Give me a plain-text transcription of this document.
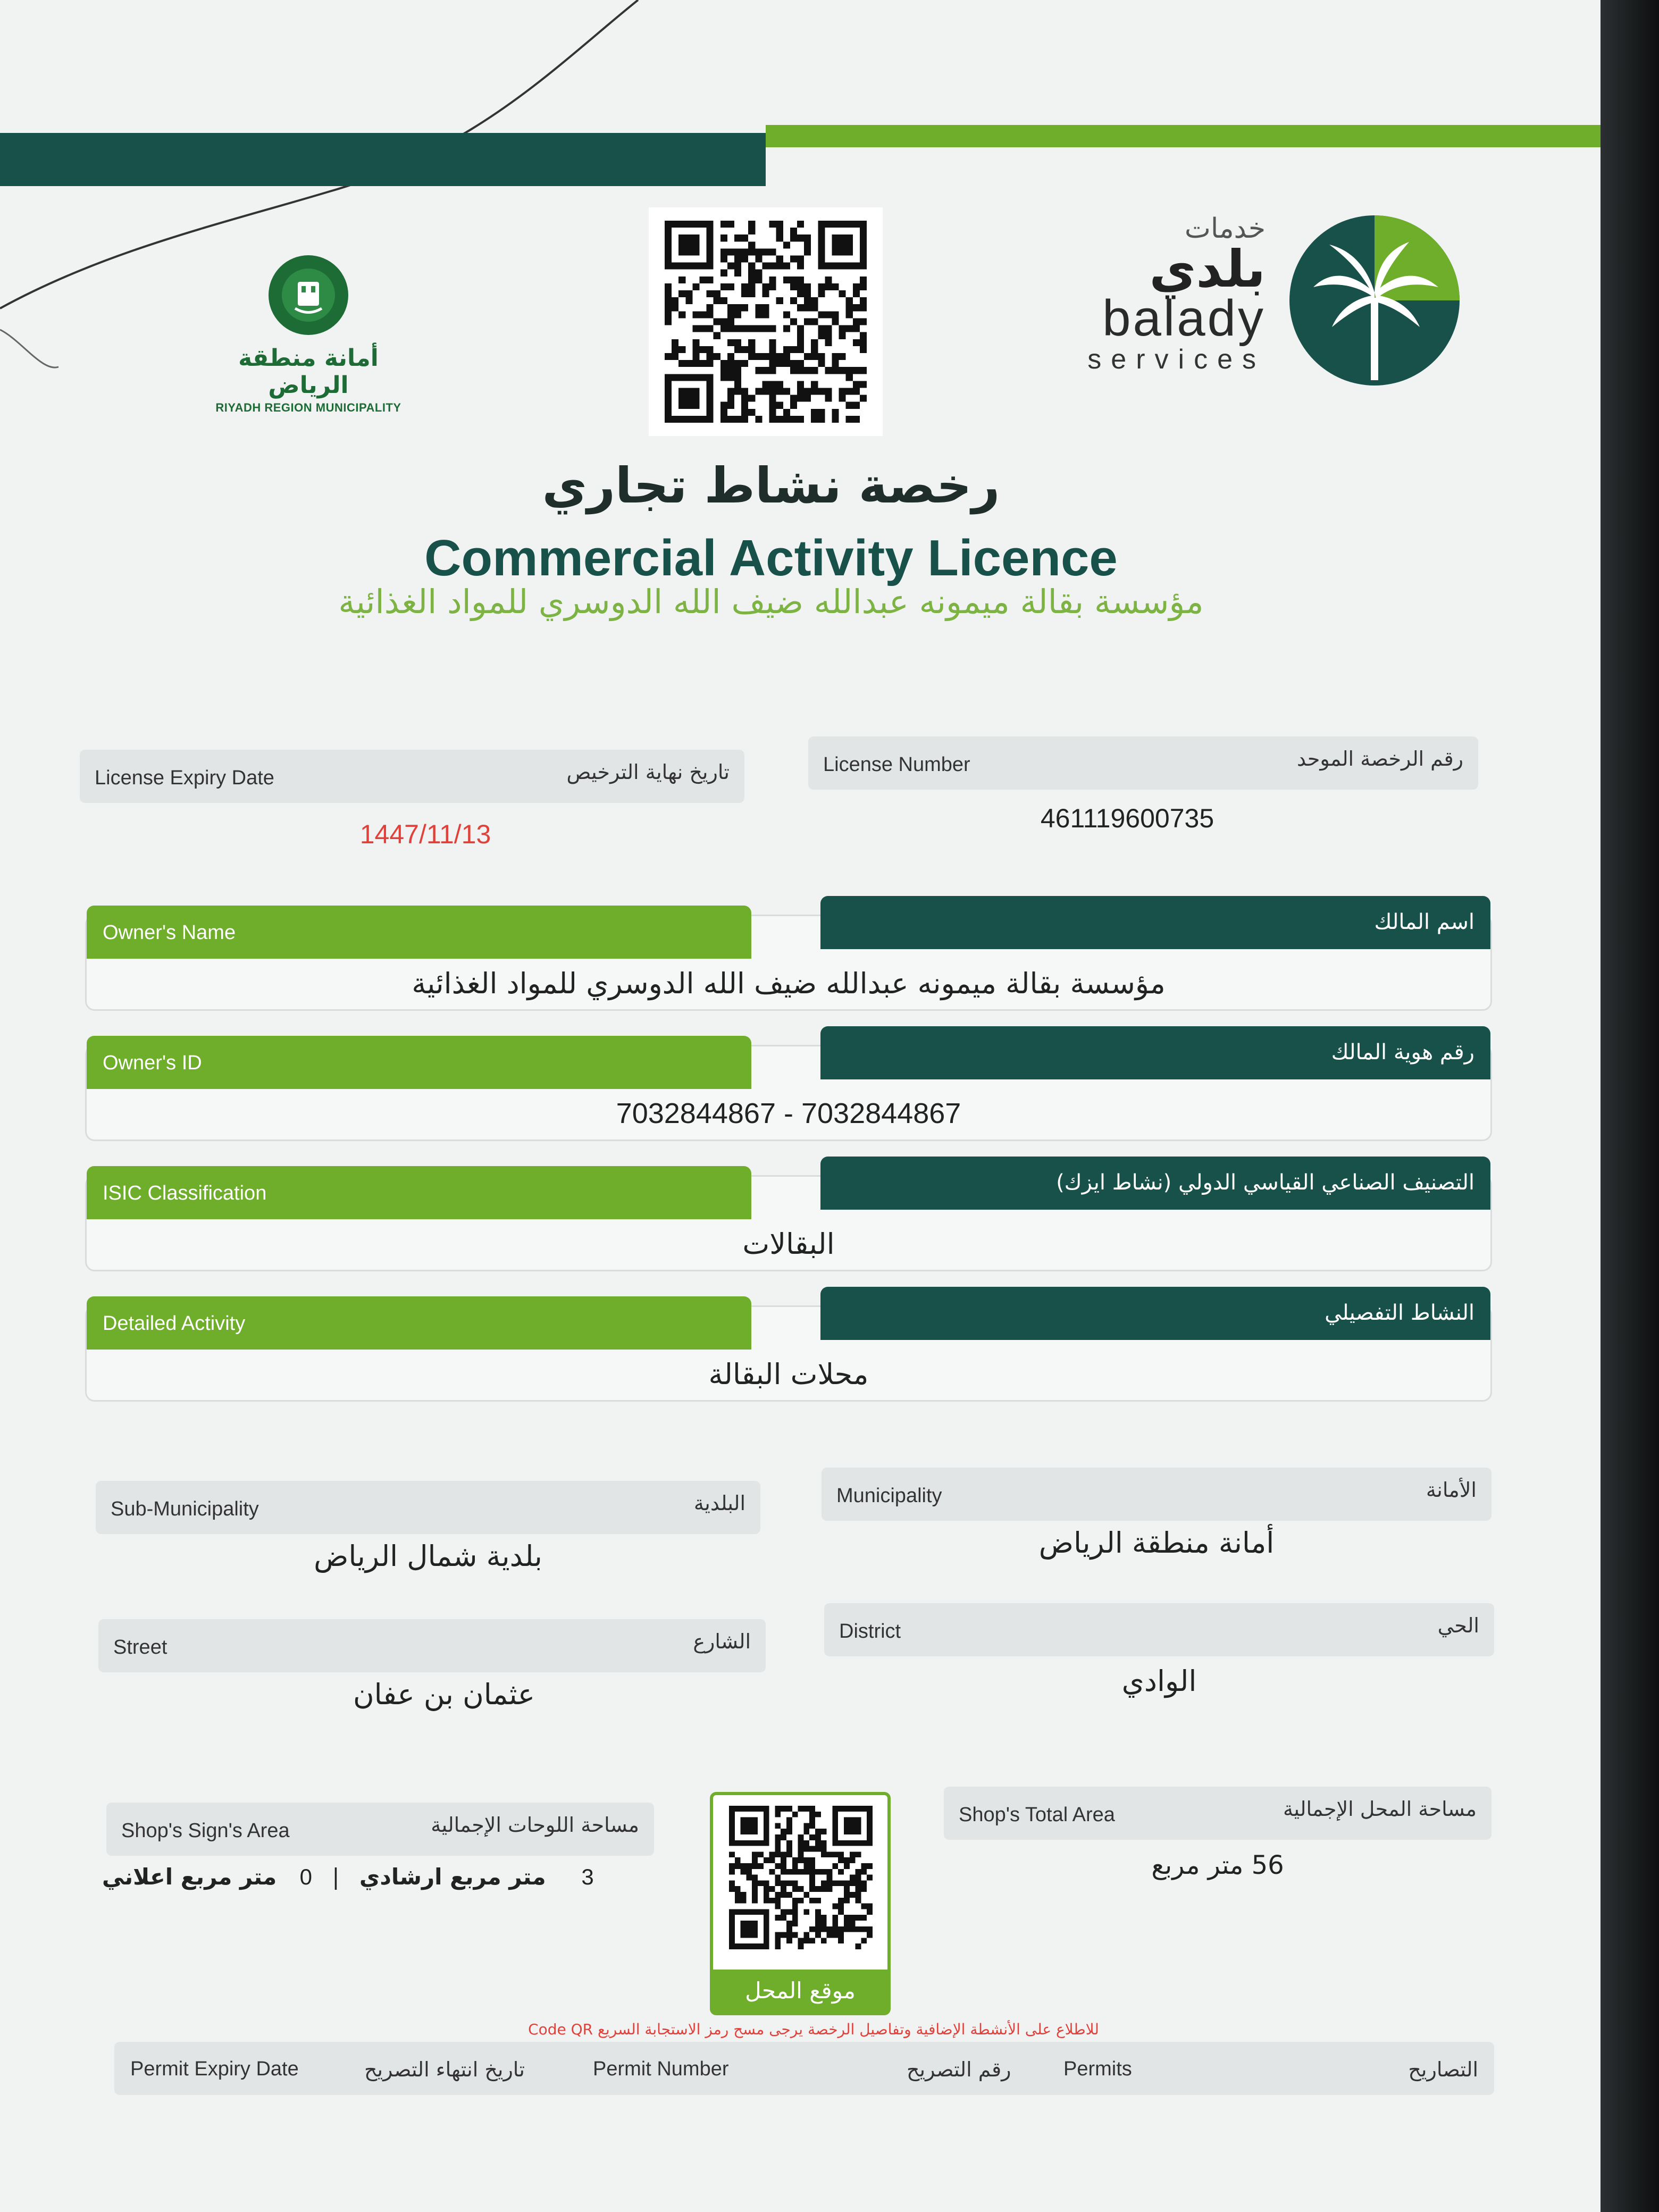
أمانة منطقة الرياض
RIYADH REGION MUNICIPALITY
خدمات
بلدي
balady
services
رخصة نشاط تجاري
Commercial Activity Licence
مؤسسة بقالة ميمونه عبدالله ضيف الله الدوسري للمواد الغذائية
License Expiry Date	تاريخ نهاية الترخيص
1447/11/13
License Number	رقم الرخصة الموحد
461119600735
Owner's Name	اسم المالك
مؤسسة بقالة ميمونه عبدالله ضيف الله الدوسري للمواد الغذائية
Owner's ID	رقم هوية المالك
7032844867 - 7032844867
ISIC Classification	التصنيف الصناعي القياسي الدولي (نشاط ايزك)
البقالات
Detailed Activity	النشاط التفصيلي
محلات البقالة
Sub-Municipality	البلدية
بلدية شمال الرياض
Municipality	الأمانة
أمانة منطقة الرياض
Street	الشارع
عثمان بن عفان
District	الحي
الوادي
Shop's Sign's Area	مساحة اللوحات الإجمالية
3 متر مربع ارشادي | 0 متر مربع اعلاني
موقع المحل
Shop's Total Area	مساحة المحل الإجمالية
56 متر مربع
للاطلاع على الأنشطة الإضافية وتفاصيل الرخصة يرجى مسح رمز الاستجابة السريع Code QR
Permit Expiry Date	تاريخ انتهاء التصريح	Permit Number	رقم التصريح	Permits	التصاريح
